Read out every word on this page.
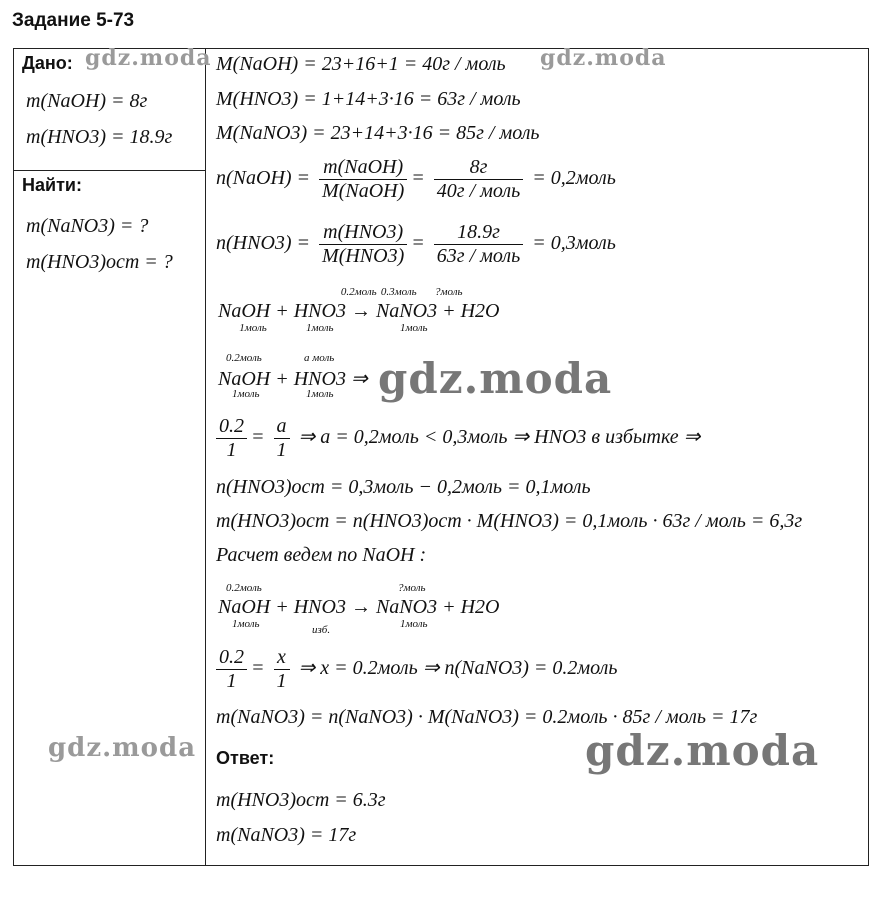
Задание 5-73
Дано:
m(NaOH) = 8г
m(HNO3) = 18.9г
Найти:
m(NaNO3) = ?
m(HNO3)ост = ?
M(NaOH) = 23+16+1 = 40г / моль
M(HNO3) = 1+14+3·16 = 63г / моль
M(NaNO3) = 23+14+3·16 = 85г / моль
n(NaOH) = $\frac{\text{m(NaOH)}}{\text{M(NaOH)}} = \frac{8г}{\text{40г / моль}}$ = 0,2моль
$n(HNO3) = \frac{\text{m(HNO3)}}{\text{M(HNO3)}} = \frac{18.9г}{\text{63г / моль}}$ = 0,3моль
0.2моль
NaOH + HNO3 → NaNO3 + H2O
1моль
0.3моль	?моль
1моль	1моль
0.2моль
NaOH + HNO3 ⇒
а моль
1моль	1моль
$\frac{0.2}{1} = \frac{a}{1}$ ⇒ a = 0,2моль < 0,3моль ⇒ HNO3 в избытке ⇒
n(HNO3)ост = 0,3моль − 0,2моль = 0,1моль
m(HNO3)ост = n(HNO3)ост · M(HNO3) = 0,1моль · 63г / моль = 6,3г
Расчет ведем по NaOH :
0.2моль
NaOH + HNO3 → NaNO3 + H2O
?моль
1моль	изб.	1моль
$\frac{0.2}{1} = \frac{x}{1}$ ⇒ x = 0.2моль ⇒ n(NaNO3) = 0.2моль
m(NaNO3) = n(NaNO3) · M(NaNO3) = 0.2моль · 85г / моль = 17г
Ответ:
m(HNO3)ост = 6.3г
m(NaNO3) = 17г
gdz.moda	gdz.moda
gdz.moda
gdz.moda	gdz.moda
